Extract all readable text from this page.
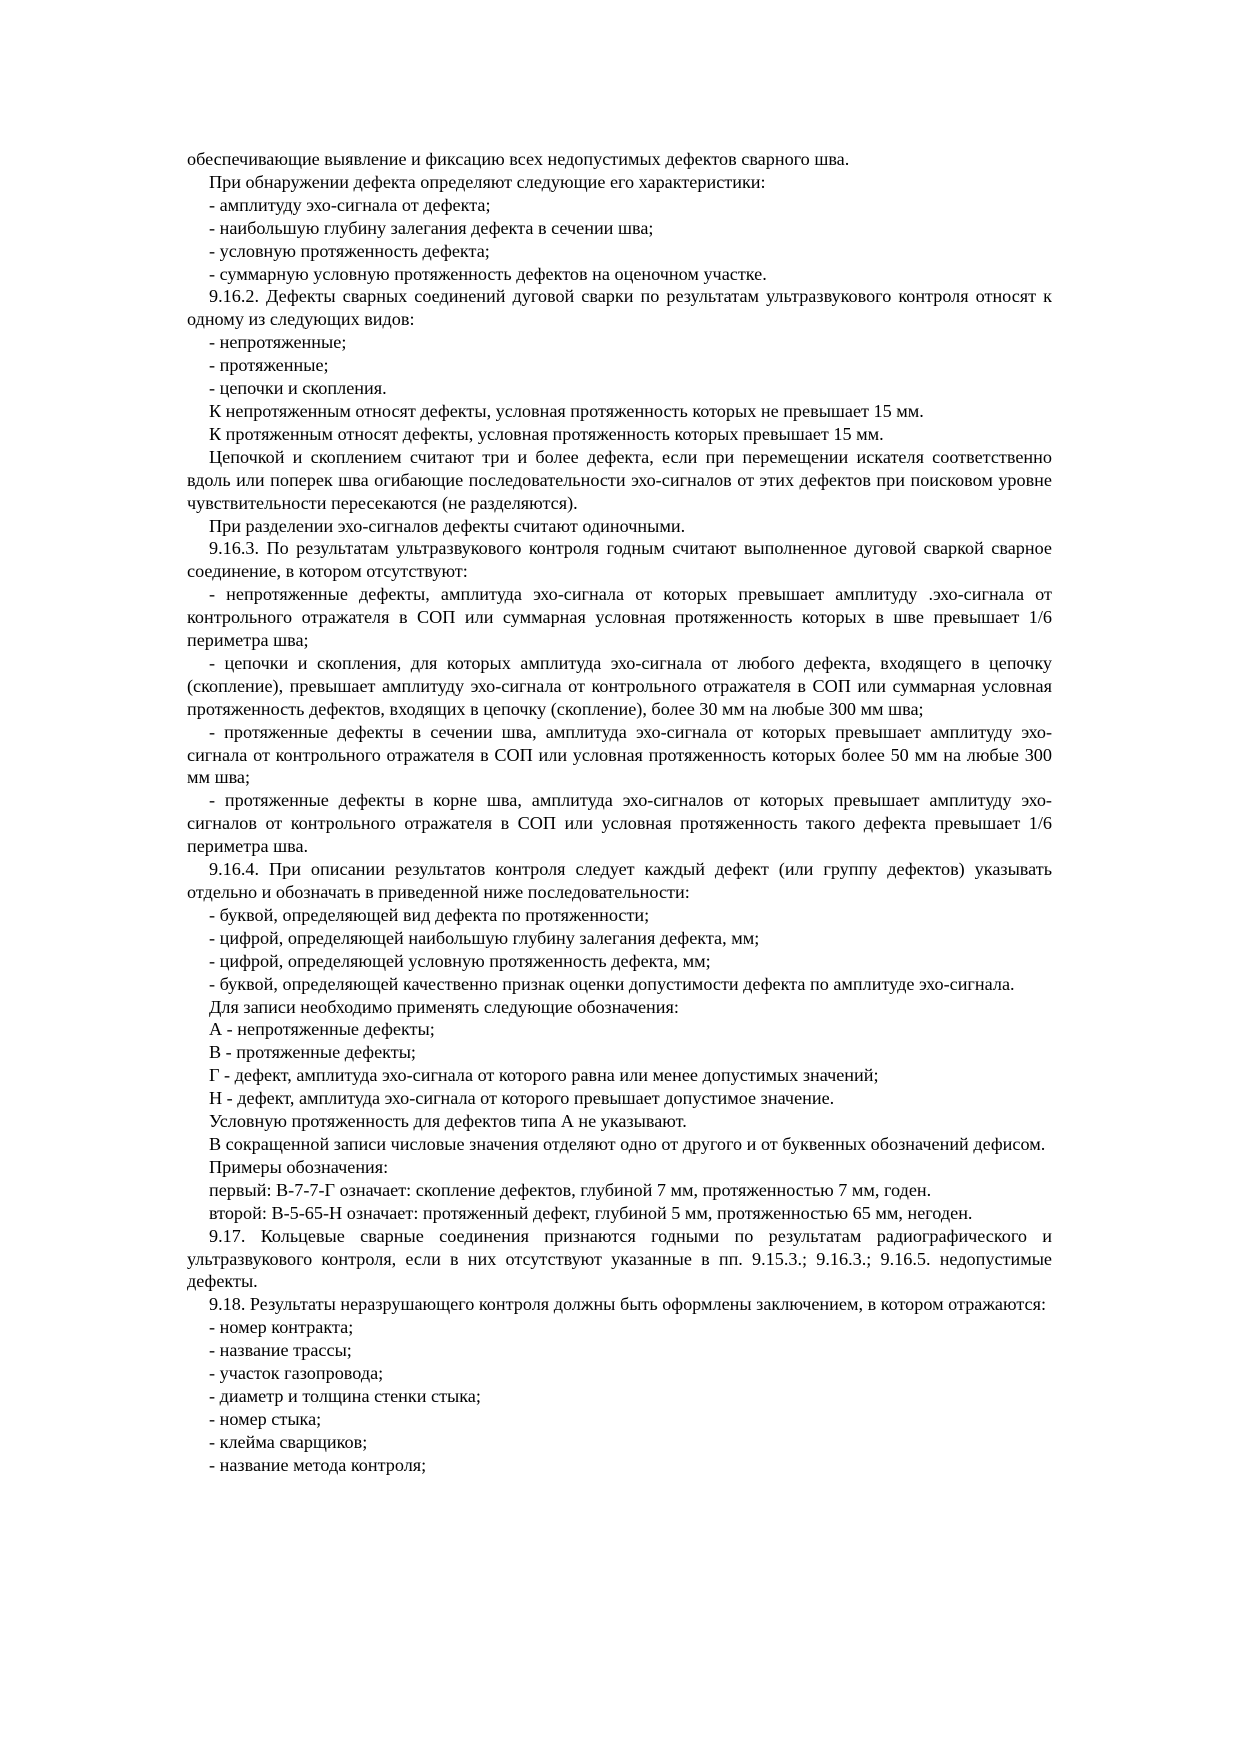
обеспечивающие выявление и фиксацию всех недопустимых дефектов сварного шва.

При обнаружении дефекта определяют следующие его характеристики:

- амплитуду эхо-сигнала от дефекта;

- наибольшую глубину залегания дефекта в сечении шва;

- условную протяженность дефекта;

- суммарную условную протяженность дефектов на оценочном участке.

9.16.2. Дефекты сварных соединений дуговой сварки по результатам ультразвукового контроля относят к одному из следующих видов:

- непротяженные;

- протяженные;

- цепочки и скопления.

К непротяженным относят дефекты, условная протяженность которых не превышает 15 мм.

К протяженным относят дефекты, условная протяженность которых превышает 15 мм.

Цепочкой и скоплением считают три и более дефекта, если при перемещении искателя соответственно вдоль или поперек шва огибающие последовательности эхо-сигналов от этих дефектов при поисковом уровне чувствительности пересекаются (не разделяются).

При разделении эхо-сигналов дефекты считают одиночными.

9.16.3. По результатам ультразвукового контроля годным считают выполненное дуговой сваркой сварное соединение, в котором отсутствуют:

- непротяженные дефекты, амплитуда эхо-сигнала от которых превышает амплитуду .эхо-сигнала от контрольного отражателя в СОП или суммарная условная протяженность которых в шве превышает 1/6 периметра шва;

- цепочки и скопления, для которых амплитуда эхо-сигнала от любого дефекта, входящего в цепочку (скопление), превышает амплитуду эхо-сигнала от контрольного отражателя в СОП или суммарная условная протяженность дефектов, входящих в цепочку (скопление), более 30 мм на любые 300 мм шва;

- протяженные дефекты в сечении шва, амплитуда эхо-сигнала от которых превышает амплитуду эхо-сигнала от контрольного отражателя в СОП или условная протяженность которых более 50 мм на любые 300 мм шва;

- протяженные дефекты в корне шва, амплитуда эхо-сигналов от которых превышает амплитуду эхо-сигналов от контрольного отражателя в СОП или условная протяженность такого дефекта превышает 1/6 периметра шва.

9.16.4. При описании результатов контроля следует каждый дефект (или группу дефектов) указывать отдельно и обозначать в приведенной ниже последовательности:

- буквой, определяющей вид дефекта по протяженности;

- цифрой, определяющей наибольшую глубину залегания дефекта, мм;

- цифрой, определяющей условную протяженность дефекта, мм;

- буквой, определяющей качественно признак оценки допустимости дефекта по амплитуде эхо-сигнала.

Для записи необходимо применять следующие обозначения:

А - непротяженные дефекты;

В - протяженные дефекты;

Г - дефект, амплитуда эхо-сигнала от которого равна или менее допустимых значений;

Н - дефект, амплитуда эхо-сигнала от которого превышает допустимое значение.

Условную протяженность для дефектов типа А не указывают.

В сокращенной записи числовые значения отделяют одно от другого и от буквенных обозначений дефисом.

Примеры обозначения:

первый: В-7-7-Г означает: скопление дефектов, глубиной 7 мм, протяженностью 7 мм, годен.

второй: В-5-65-Н означает: протяженный дефект, глубиной 5 мм, протяженностью 65 мм, негоден.

9.17. Кольцевые сварные соединения признаются годными по результатам радиографического и ультразвукового контроля, если в них отсутствуют указанные в пп. 9.15.3.; 9.16.3.; 9.16.5. недопустимые дефекты.

9.18. Результаты неразрушающего контроля должны быть оформлены заключением, в котором отражаются:

- номер контракта;

- название трассы;

- участок газопровода;

- диаметр и толщина стенки стыка;

- номер стыка;

- клейма сварщиков;

- название метода контроля;
